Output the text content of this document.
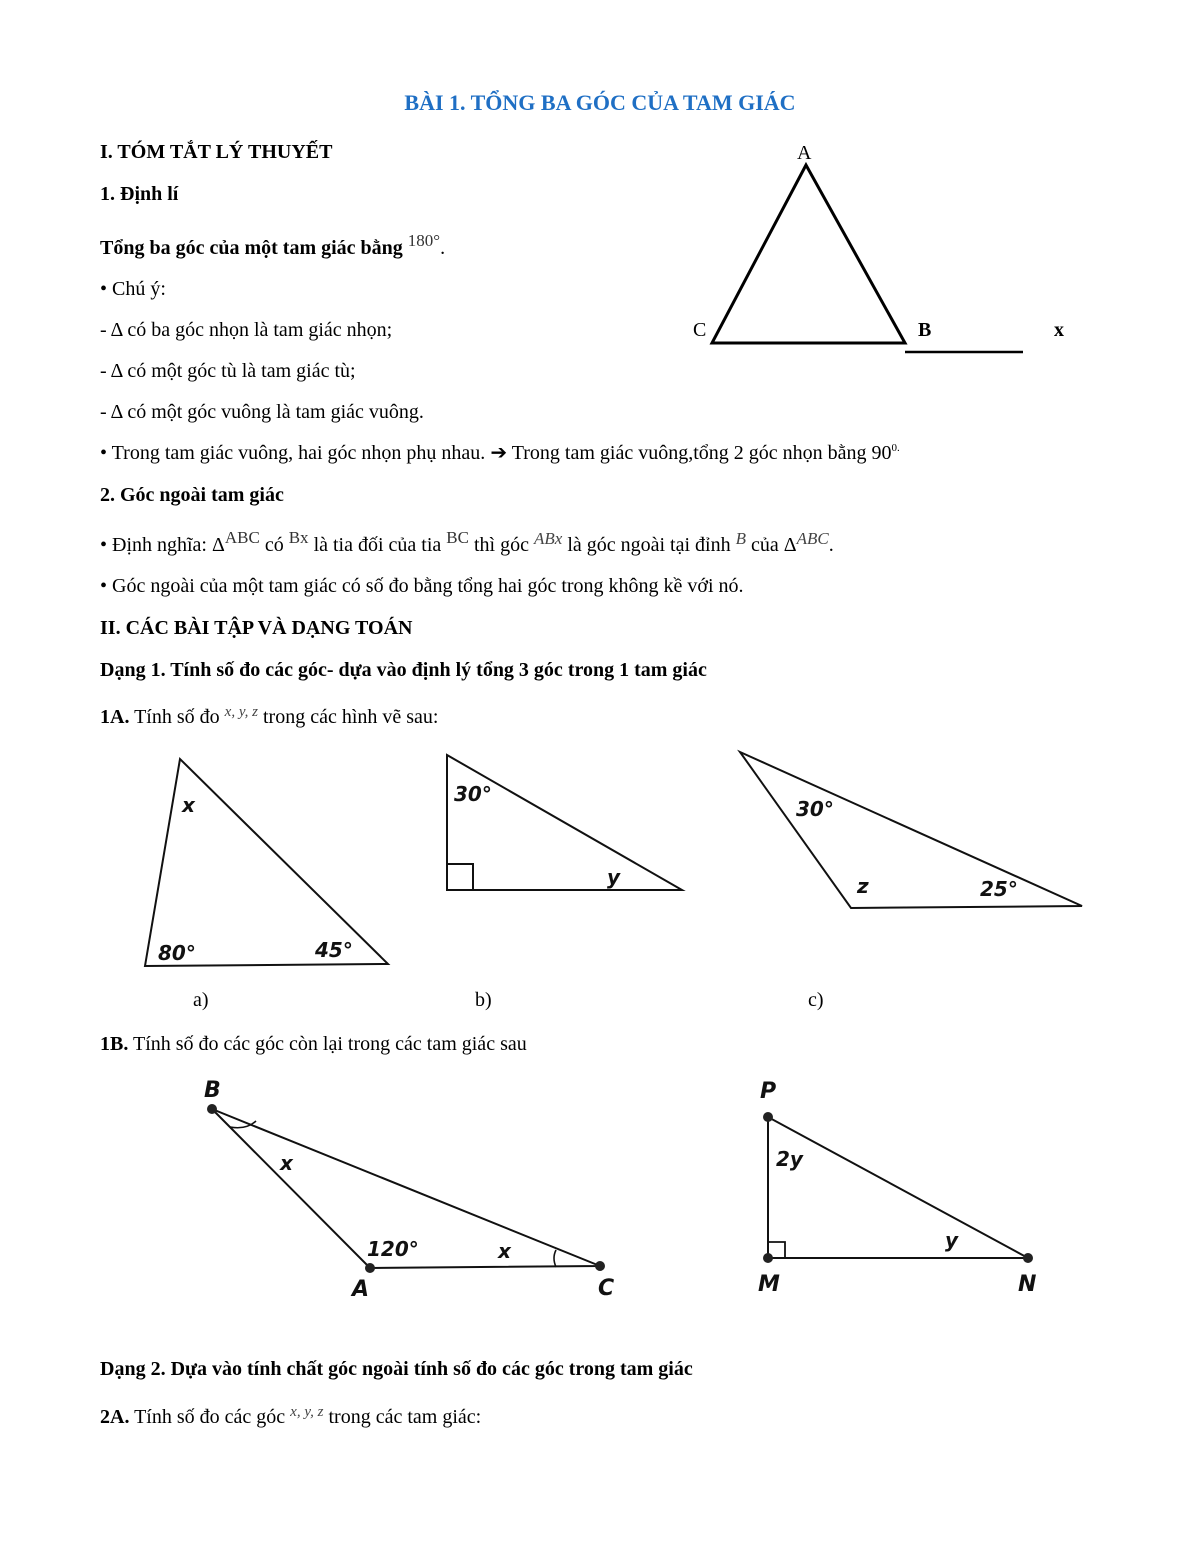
BÀI 1. TỔNG BA GÓC CỦA TAM GIÁC
I. TÓM TẮT LÝ THUYẾT
1. Định lí
Tổng ba góc của một tam giác bằng $^{180^\circ}$.
• Chú ý:
- Δ có ba góc nhọn là tam giác nhọn;
- Δ có một góc tù là tam giác tù;
- Δ có một góc vuông là tam giác vuông.
• Trong tam giác vuông, hai góc nhọn phụ nhau. ➔ Trong tam giác vuông,tổng 2 góc nhọn bằng $90^{0.}$
2. Góc ngoài tam giác
• Định nghĩa: $\Delta^{ABC}$ có $^{Bx}$ là tia đối của tia $^{BC}$ thì góc $^{ABx}$ là góc ngoài tại đỉnh $^B$ của $\Delta^{ABC}$.
• Góc ngoài của một tam giác có số đo bằng tổng hai góc trong không kề với nó.
II. CÁC BÀI TẬP VÀ DẠNG TOÁN
Dạng 1. Tính số đo các góc- dựa vào định lý tổng 3 góc trong 1 tam giác
1A. Tính số đo $^{x, y, z}$ trong các hình vẽ sau:
a)	b)	c)
1B. Tính số đo các góc còn lại trong các tam giác sau
Dạng 2. Dựa vào tính chất góc ngoài tính số đo các góc trong tam giác
2A. Tính số đo các góc $^{x, y, z}$ trong các tam giác:
A
C	B	x
x
80°	45°
30°
y
30°
z	25°
B
A	C
x
x
120°
P
M	N
2y
y
